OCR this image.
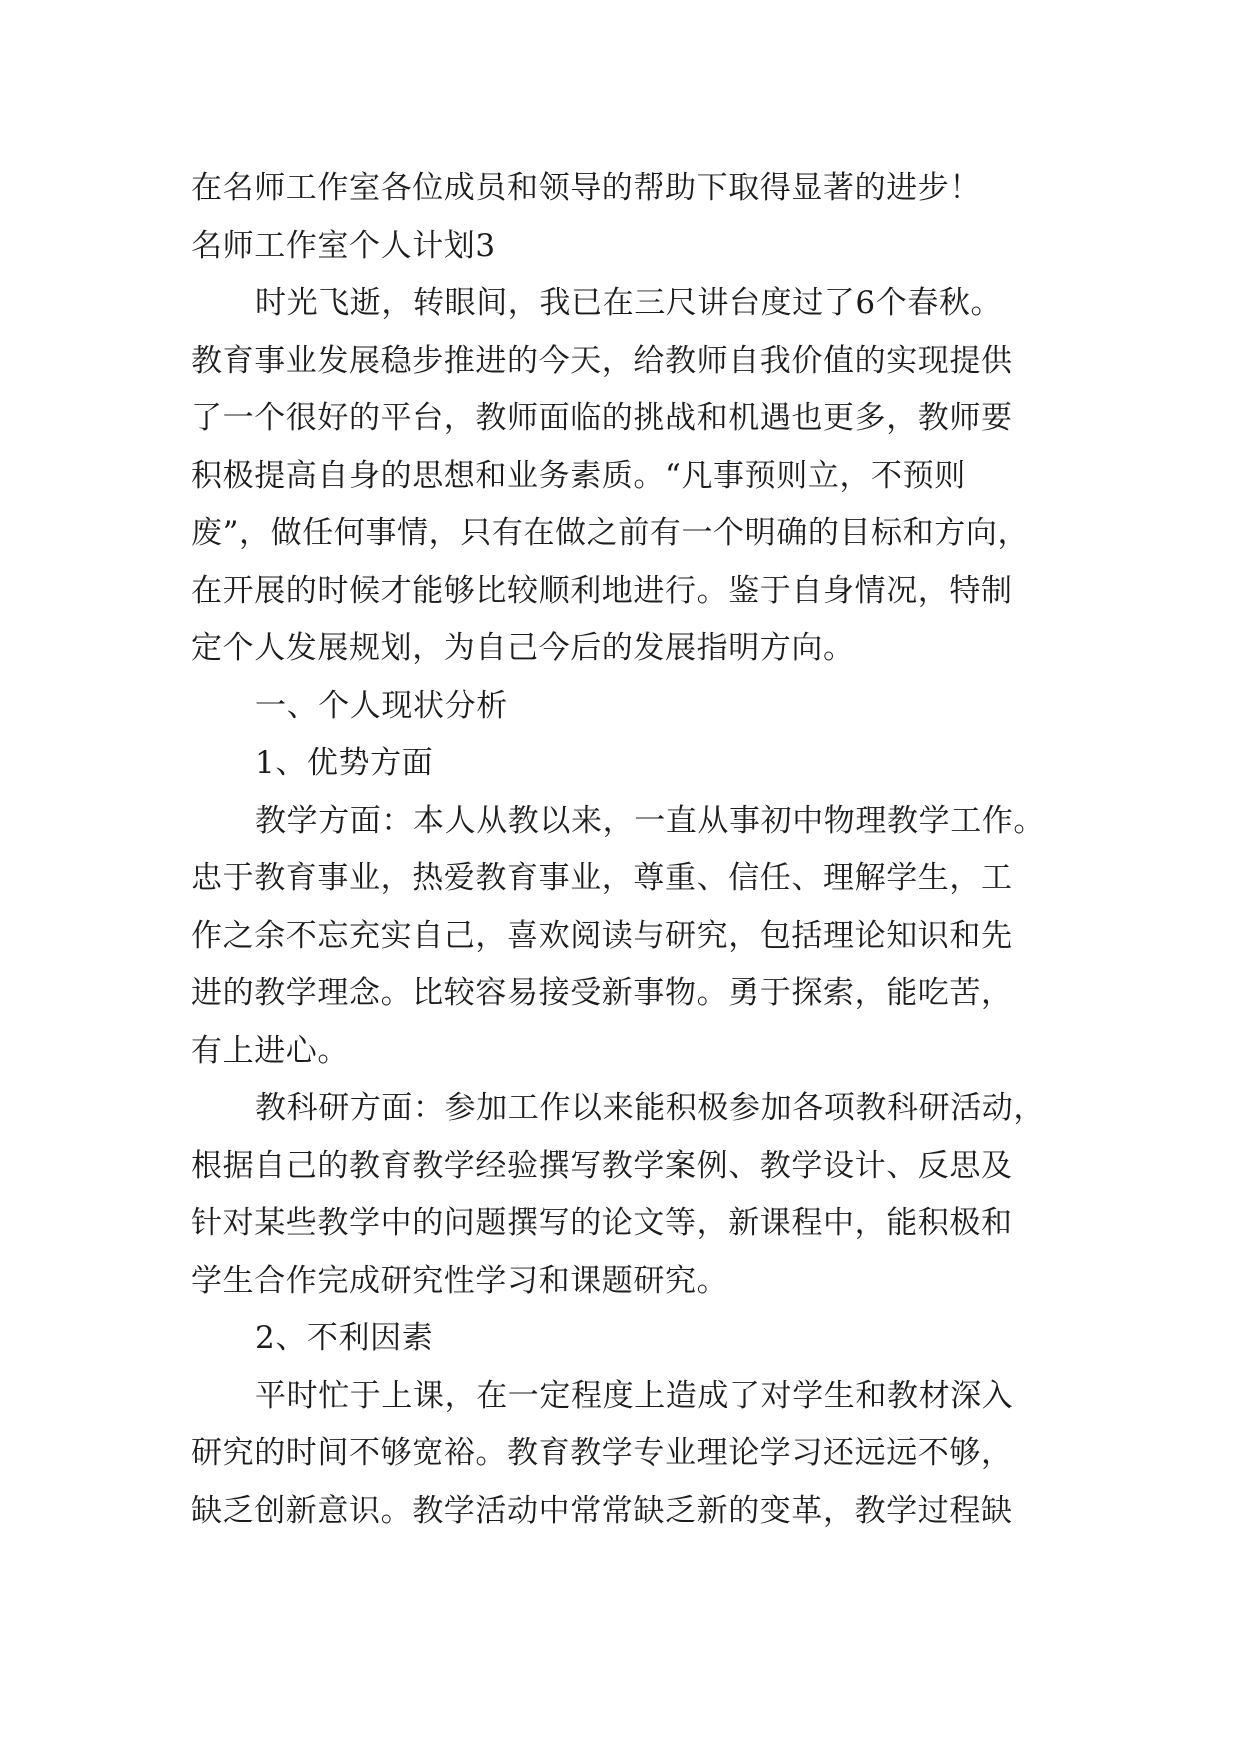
在名师工作室各位成员和领导的帮助下取得显著的进步！
名师工作室个人计划3
时光飞逝，转眼间，我已在三尺讲台度过了6个春秋。
教育事业发展稳步推进的今天，给教师自我价值的实现提供
了一个很好的平台，教师面临的挑战和机遇也更多，教师要
积极提高自身的思想和业务素质。“凡事预则立，不预则
废”，做任何事情，只有在做之前有一个明确的目标和方向，
在开展的时候才能够比较顺利地进行。鉴于自身情况，特制
定个人发展规划，为自己今后的发展指明方向。
一、个人现状分析
1、优势方面
教学方面：本人从教以来，一直从事初中物理教学工作。
忠于教育事业，热爱教育事业，尊重、信任、理解学生，工
作之余不忘充实自己，喜欢阅读与研究，包括理论知识和先
进的教学理念。比较容易接受新事物。勇于探索，能吃苦，
有上进心。
教科研方面：参加工作以来能积极参加各项教科研活动，
根据自己的教育教学经验撰写教学案例、教学设计、反思及
针对某些教学中的问题撰写的论文等，新课程中，能积极和
学生合作完成研究性学习和课题研究。
2、不利因素
平时忙于上课，在一定程度上造成了对学生和教材深入
研究的时间不够宽裕。教育教学专业理论学习还远远不够，
缺乏创新意识。教学活动中常常缺乏新的变革，教学过程缺
